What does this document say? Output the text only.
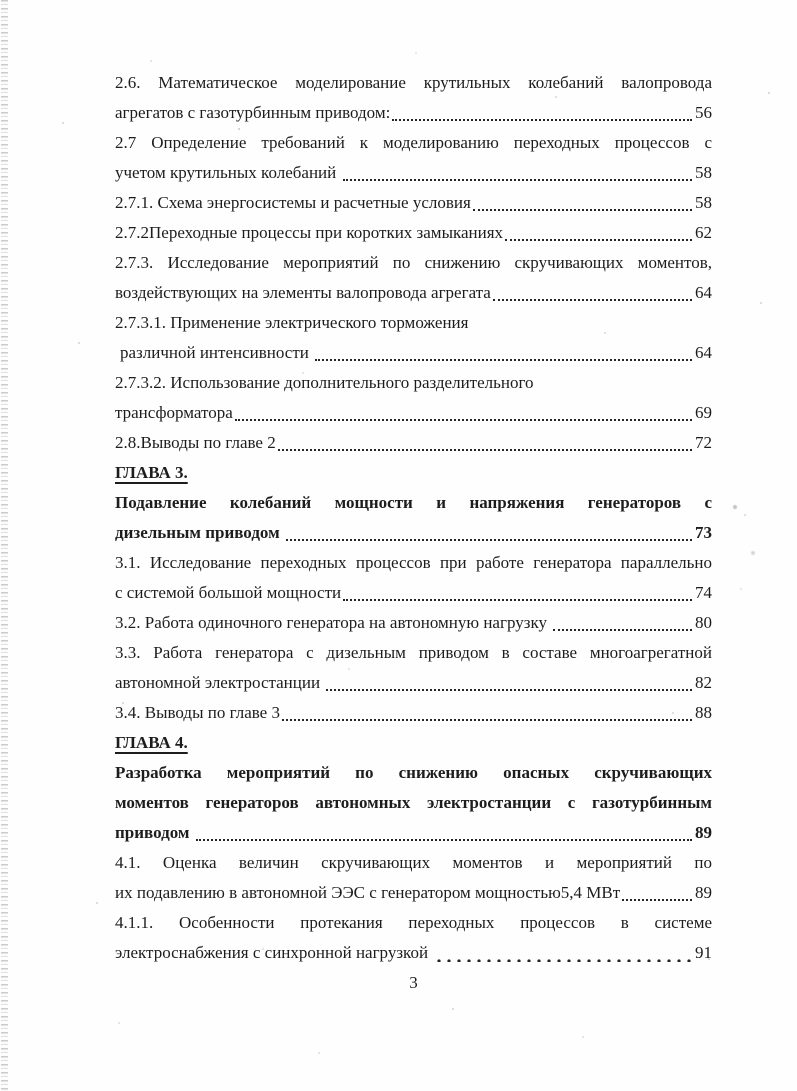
2.6. Математическое моделирование крутильных колебаний валопровода
агрегатов с газотурбинным приводом:	56
2.7 Определение требований к моделированию переходных процессов с
учетом крутильных колебаний	58
2.7.1. Схема энергосистемы и расчетные условия	58
2.7.2Переходные процессы при коротких замыканиях	62
2.7.3. Исследование мероприятий по снижению скручивающих моментов,
воздействующих на элементы валопровода агрегата	64
2.7.3.1. Применение электрического торможения
различной интенсивности	64
2.7.3.2. Использование дополнительного разделительного
трансформатора	69
2.8.Выводы по главе 2	72
ГЛАВА 3.
Подавление колебаний мощности и напряжения генераторов с
дизельным приводом	73
3.1. Исследование переходных процессов при работе генератора параллельно
с системой большой мощности	74
3.2. Работа одиночного генератора на автономную нагрузку	80
3.3. Работа генератора с дизельным приводом в составе многоагрегатной
автономной электростанции	82
3.4. Выводы по главе 3	88
ГЛАВА 4.
Разработка мероприятий по снижению опасных скручивающих
моментов генераторов автономных электростанции с газотурбинным
приводом	89
4.1. Оценка величин скручивающих моментов и мероприятий по
их подавлению в автономной ЭЭС с генератором мощностью5,4 МВт	89
4.1.1. Особенности протекания переходных процессов в системе
электроснабжения с синхронной нагрузкой	91
3
